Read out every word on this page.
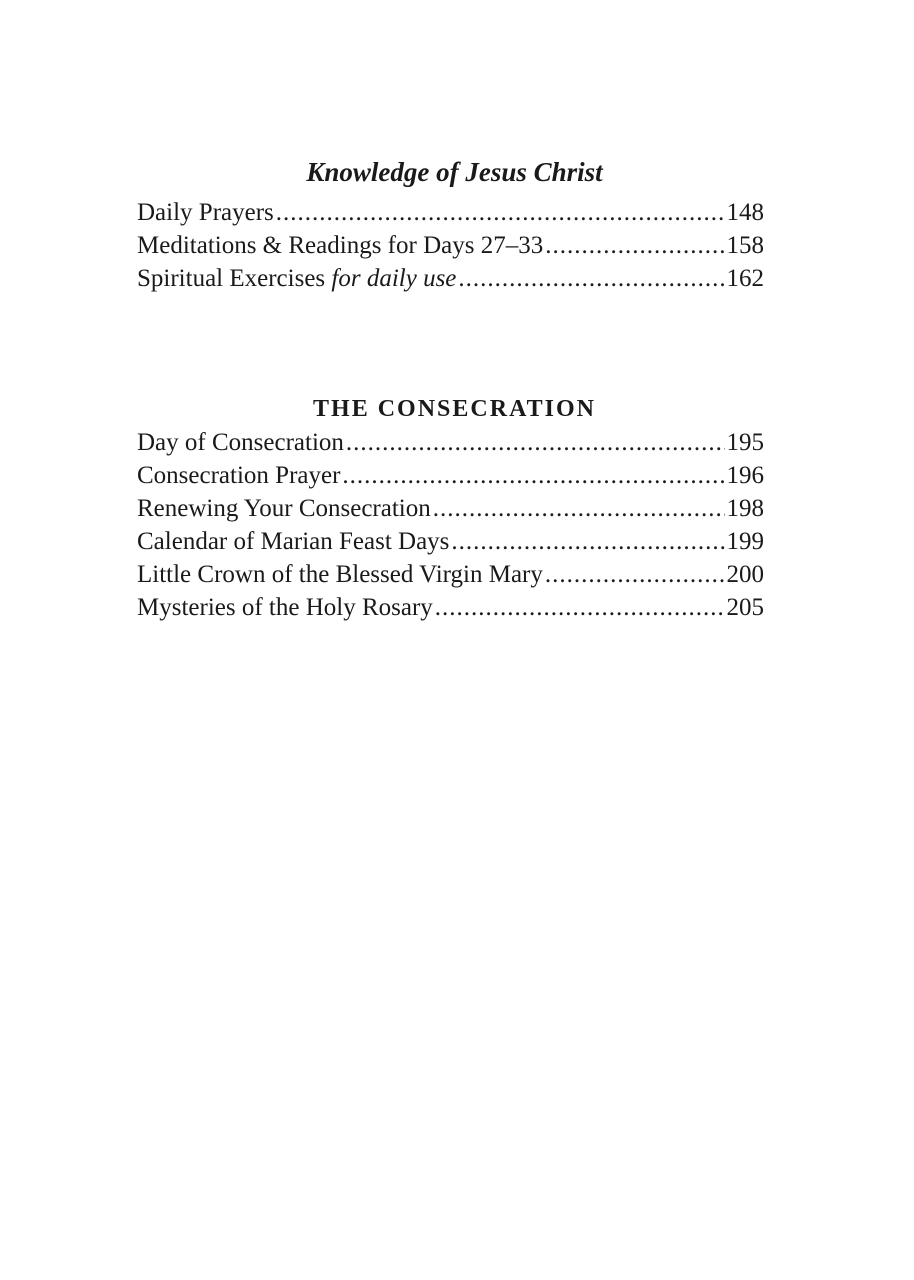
Knowledge of Jesus Christ
Daily Prayers .....	148
Meditations & Readings for Days 27–33 .....	158
Spiritual Exercises for daily use .....	162
THE CONSECRATION
Day of Consecration .....	195
Consecration Prayer .....	196
Renewing Your Consecration .....	198
Calendar of Marian Feast Days .....	199
Little Crown of the Blessed Virgin Mary .....	200
Mysteries of the Holy Rosary .....	205
